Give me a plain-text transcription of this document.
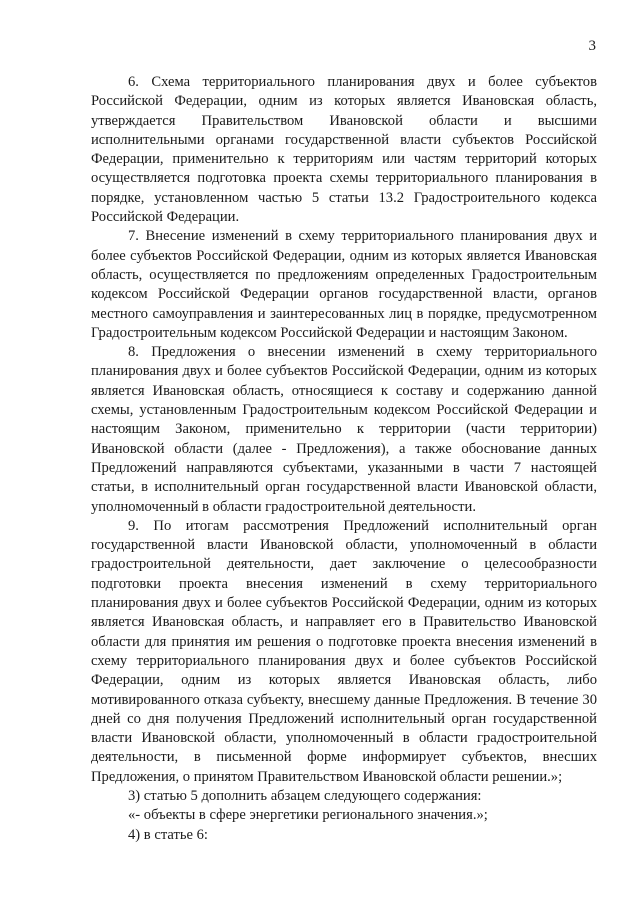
3

6. Схема территориального планирования двух и более субъектов Российской Федерации, одним из которых является Ивановская область, утверждается Правительством Ивановской области и высшими исполнительными органами государственной власти субъектов Российской Федерации, применительно к территориям или частям территорий которых осуществляется подготовка проекта схемы территориального планирования в порядке, установленном частью 5 статьи 13.2 Градостроительного кодекса Российской Федерации.

7. Внесение изменений в схему территориального планирования двух и более субъектов Российской Федерации, одним из которых является Ивановская область, осуществляется по предложениям определенных Градостроительным кодексом Российской Федерации органов государственной власти, органов местного самоуправления и заинтересованных лиц в порядке, предусмотренном Градостроительным кодексом Российской Федерации и настоящим Законом.

8. Предложения о внесении изменений в схему территориального планирования двух и более субъектов Российской Федерации, одним из которых является Ивановская область, относящиеся к составу и содержанию данной схемы, установленным Градостроительным кодексом Российской Федерации и настоящим Законом, применительно к территории (части территории) Ивановской области (далее - Предложения), а также обоснование данных Предложений направляются субъектами, указанными в части 7 настоящей статьи, в исполнительный орган государственной власти Ивановской области, уполномоченный в области градостроительной деятельности.

9. По итогам рассмотрения Предложений исполнительный орган государственной власти Ивановской области, уполномоченный в области градостроительной деятельности, дает заключение о целесообразности подготовки проекта внесения изменений в схему территориального планирования двух и более субъектов Российской Федерации, одним из которых является Ивановская область, и направляет его в Правительство Ивановской области для принятия им решения о подготовке проекта внесения изменений в схему территориального планирования двух и более субъектов Российской Федерации, одним из которых является Ивановская область, либо мотивированного отказа субъекту, внесшему данные Предложения. В течение 30 дней со дня получения Предложений исполнительный орган государственной власти Ивановской области, уполномоченный в области градостроительной деятельности, в письменной форме информирует субъектов, внесших Предложения, о принятом Правительством Ивановской области решении.»;

3) статью 5 дополнить абзацем следующего содержания:

«- объекты в сфере энергетики регионального значения.»;

4) в статье 6:
